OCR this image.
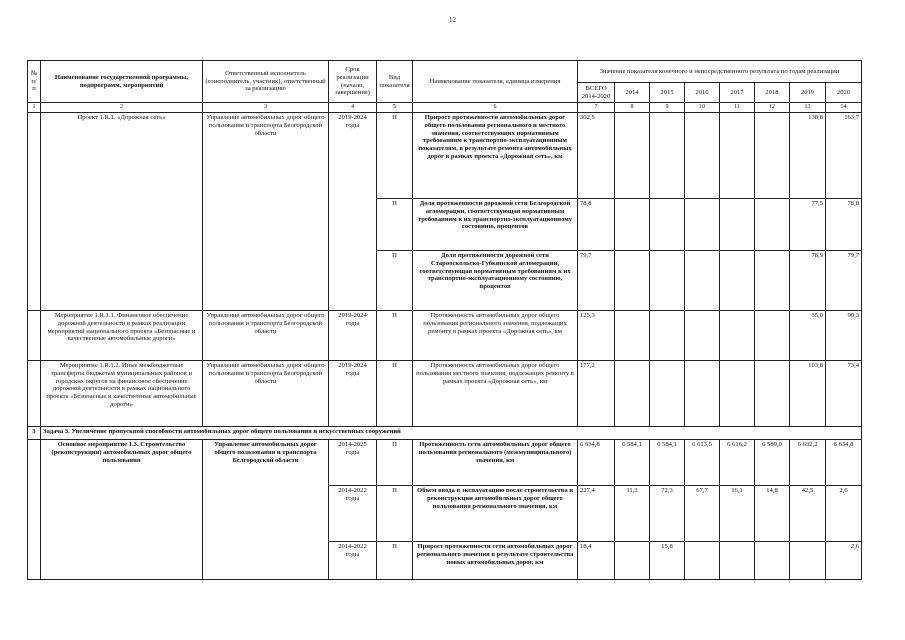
12
№ п/п	Наименование государственной программы, подпрограмм, мероприятий	Ответственный исполнитель (соисполнитель, участник), ответственный за реализацию	Срок реализации (начало, завершение)	Вид показателя	Наименование показателя, единица измерения	Значение показателя конечного и непосредственного результата по годам реализации							
						ВСЕГО 2014-2020	2014	2015	2016	2017	2018	2019	2020
1	2	3	4	5	6	7	8	9	10	11	12	13	14
	Проект 1.R.1. «Дорожная сеть»	Управление автомобильных дорог общего пользования и транспорта Белгородской области	2019-2024 годы	П	Прирост протяженности автомобильных дорог общего пользования регионального и местного значения, соответствующих нормативным требованиям к транспортно-эксплуатационным показателям, в результате ремонта автомобильных дорог в рамках проекта «Дорожная сеть», км	302,5						138,8	163,7
				П	Доля протяженности дорожной сети Белгородской агломерации, соответствующая нормативным требованиям к их транспортно-эксплуатационному состоянию, процентов	78,8						77,5	78,8
				П	Доля протяженности дорожной сети Старооскольско-Губкинской агломерации, соответствующая нормативным требованиям к их транспортно-эксплуатационному состоянию, процентов	79,7						78,9	79,7
	Мероприятие 1.R.1.1. Финансовое обеспечение дорожной деятельности в рамках реализации мероприятий национального проекта «Безопасные и качественные автомобильные дороги»	Управление автомобильных дорог общего пользования и транспорта Белгородской области	2019-2024 годы	П	Протяженность автомобильных дорог общего пользования регионального значения, подлежащих ремонту в рамках проекта «Дорожная сеть», км	125,3						35,0	90,3
	Мероприятие 1.R.1.2. Иные межбюджетные трансферты бюджетам муниципальных районов и городских округов на финансовое обеспечение дорожной деятельности в рамках национального проекта «Безопасные и качественные автомобильные дороги»	Управление автомобильных дорог общего пользования и транспорта Белгородской области	2019-2024 годы	П	Протяженность автомобильных дорог общего пользования местного значения, подлежащих ремонту в рамках проекта «Дорожная сеть», км	177,2						103,8	73,4
3	Задача 3. Увеличение пропускной способности автомобильных дорог общего пользования и искусственных сооружений												
	Основное мероприятие 1.3. Строительство (реконструкция) автомобильных дорог общего пользования	Управление автомобильных дорог общего пользования и транспорта Белгородской области	2014-2025 годы	П	Протяженность сети автомобильных дорог общего пользования регионального (межмуниципального) значения, км	6 634,8	6 584,1	6 584,1	6 613,5	6 616,2	6 589,0	6 632,2	6 634,8
			2014-2022 годы	П	Объем ввода в эксплуатацию после строительства и реконструкции автомобильных дорог общего пользования регионального значения, км	227,4	11,3	72,3	67,7	16,1	14,8	42,5	2,6
			2014-2022 годы	П	Прирост протяженности сети автомобильных дорог регионального значения в результате строительства новых автомобильных дорог, км	18,4		15,8					2,6
